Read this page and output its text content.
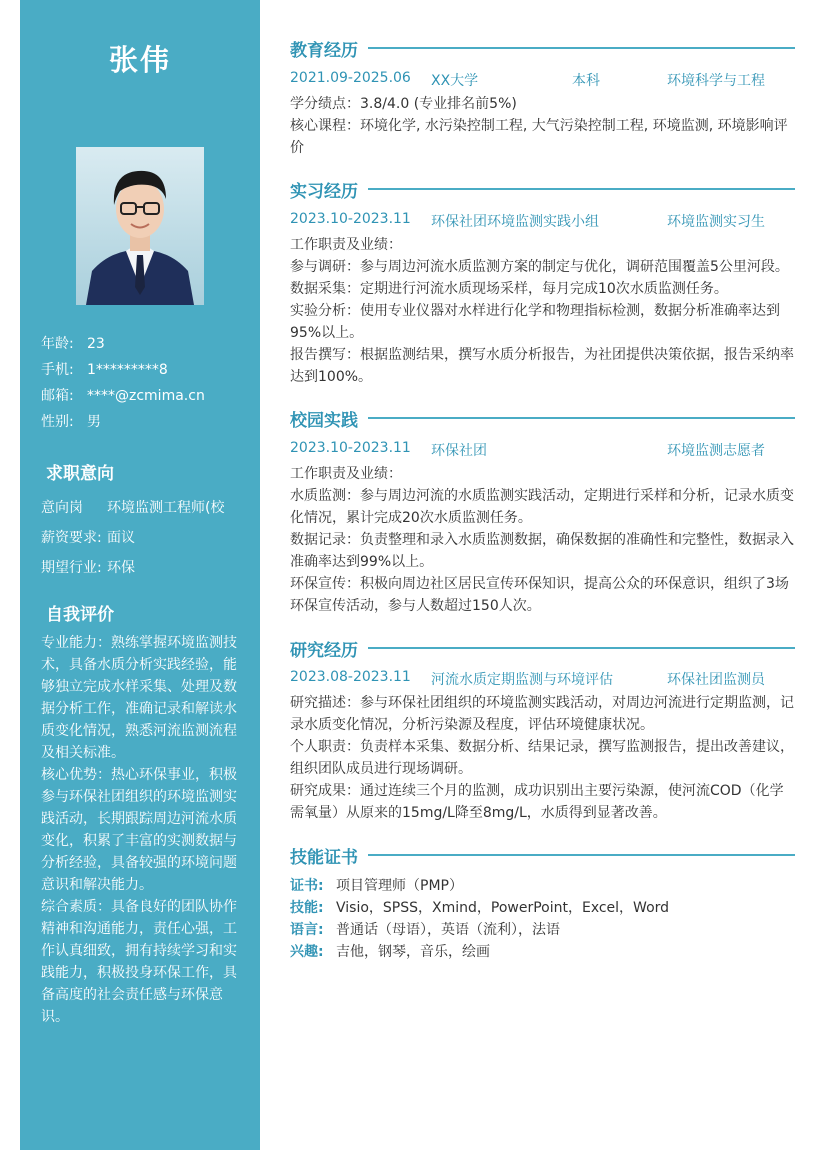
张伟
年龄: 23
手机: 1*********8
邮箱: ****@zcmima.cn
性别: 男
求职意向
意向岗 环境监测工程师(校
薪资要求: 面议
期望行业: 环保
自我评价

专业能力：熟练掌握环境监测技术，具备水质分析实践经验，能够独立完成水样采集、处理及数据分析工作，准确记录和解读水质变化情况，熟悉河流监测流程及相关标准。

核心优势：热心环保事业，积极参与环保社团组织的环境监测实践活动，长期跟踪周边河流水质变化，积累了丰富的实测数据与分析经验，具备较强的环境问题意识和解决能力。

综合素质：具备良好的团队协作精神和沟通能力，责任心强，工作认真细致，拥有持续学习和实践能力，积极投身环保工作，具备高度的社会责任感与环保意识。

教育经历
2021.09-2025.06 XX大学	本科	环境科学与工程

学分绩点：3.8/4.0 (专业排名前5%)

核心课程：环境化学, 水污染控制工程, 大气污染控制工程, 环境监测, 环境影响评价

实习经历
2023.10-2023.11 环保社团环境监测实践小组	环境监测实习生

工作职责及业绩：

参与调研：参与周边河流水质监测方案的制定与优化，调研范围覆盖5公里河段。

数据采集：定期进行河流水质现场采样，每月完成10次水质监测任务。

实验分析：使用专业仪器对水样进行化学和物理指标检测，数据分析准确率达到95%以上。

报告撰写：根据监测结果，撰写水质分析报告，为社团提供决策依据，报告采纳率达到100%。

校园实践
2023.10-2023.11 环保社团	环境监测志愿者

工作职责及业绩：

水质监测：参与周边河流的水质监测实践活动，定期进行采样和分析，记录水质变化情况，累计完成20次水质监测任务。

数据记录：负责整理和录入水质监测数据，确保数据的准确性和完整性，数据录入准确率达到99%以上。

环保宣传：积极向周边社区居民宣传环保知识，提高公众的环保意识，组织了3场环保宣传活动，参与人数超过150人次。

研究经历
2023.08-2023.11 河流水质定期监测与环境评估	环保社团监测员

研究描述：参与环保社团组织的环境监测实践活动，对周边河流进行定期监测，记录水质变化情况，分析污染源及程度，评估环境健康状况。

个人职责：负责样本采集、数据分析、结果记录，撰写监测报告，提出改善建议，组织团队成员进行现场调研。

研究成果：通过连续三个月的监测，成功识别出主要污染源，使河流COD（化学需氧量）从原来的15mg/L降至8mg/L，水质得到显著改善。

技能证书
证书: 项目管理师（PMP）
技能: Visio，SPSS，Xmind，PowerPoint，Excel，Word
语言: 普通话（母语），英语（流利），法语
兴趣: 吉他，钢琴，音乐，绘画
